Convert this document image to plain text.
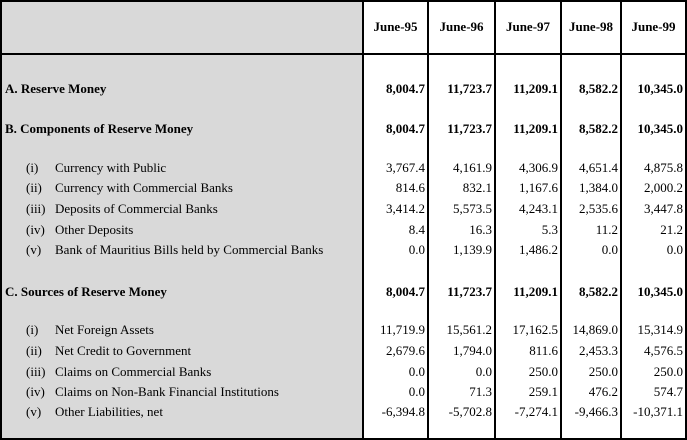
June-95	June-96	June-97	June-98	June-99
A. Reserve Money	8,004.7	11,723.7	11,209.1	8,582.2	10,345.0
B. Components of Reserve Money	8,004.7	11,723.7	11,209.1	8,582.2	10,345.0
(i) Currency with Public	3,767.4	4,161.9	4,306.9	4,651.4	4,875.8
(ii) Currency with Commercial Banks	814.6	832.1	1,167.6	1,384.0	2,000.2
(iii) Deposits of Commercial Banks	3,414.2	5,573.5	4,243.1	2,535.6	3,447.8
(iv) Other Deposits	8.4	16.3	5.3	11.2	21.2
(v) Bank of Mauritius Bills held by Commercial Banks	0.0	1,139.9	1,486.2	0.0	0.0
C. Sources of Reserve Money	8,004.7	11,723.7	11,209.1	8,582.2	10,345.0
(i) Net Foreign Assets	11,719.9	15,561.2	17,162.5	14,869.0	15,314.9
(ii) Net Credit to Government	2,679.6	1,794.0	811.6	2,453.3	4,576.5
(iii) Claims on Commercial Banks	0.0	0.0	250.0	250.0	250.0
(iv) Claims on Non-Bank Financial Institutions	0.0	71.3	259.1	476.2	574.7
(v) Other Liabilities, net	-6,394.8	-5,702.8	-7,274.1	-9,466.3	-10,371.1
